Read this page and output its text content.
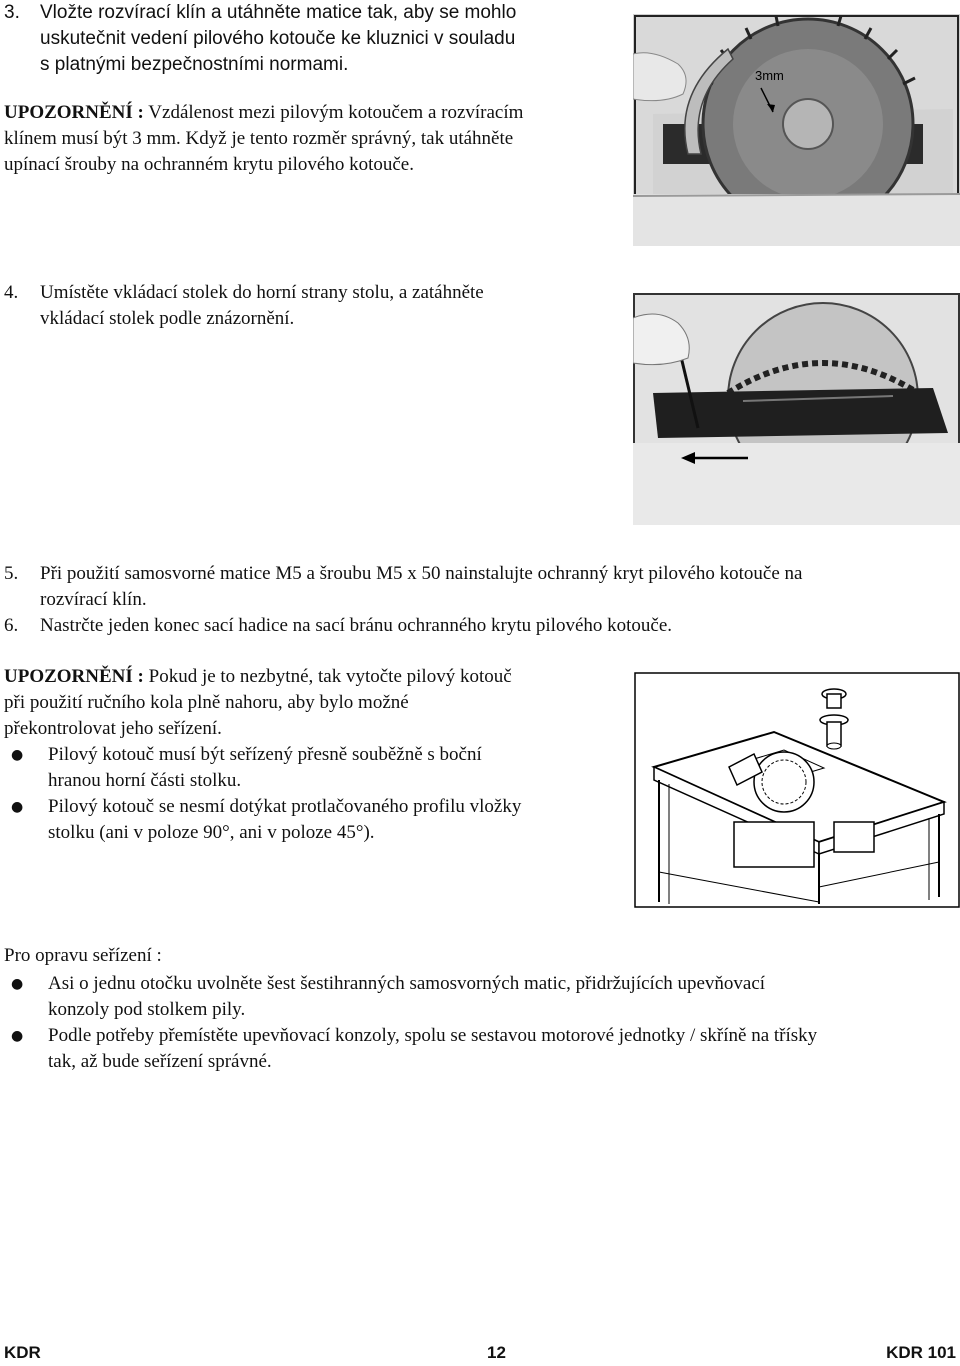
3. Vložte rozvírací klín a utáhněte matice tak, aby se mohlo
uskutečnit vedení pilového kotouče ke kluznici v souladu
s platnými bezpečnostními normami.
UPOZORNĚNÍ : Vzdálenost mezi pilovým kotoučem a rozvíracím
klínem musí být 3 mm. Když je tento rozměr správný, tak utáhněte
upínací šrouby na ochranném krytu pilového kotouče.
3mm
4. Umístěte vkládací stolek do horní strany stolu, a zatáhněte
vkládací stolek podle znázornění.
5. Při použití samosvorné matice M5 a šroubu M5 x 50 nainstalujte ochranný kryt pilového kotouče na
rozvírací klín.
6. Nastrčte jeden konec sací hadice na sací bránu ochranného krytu pilového kotouče.
UPOZORNĚNÍ : Pokud je to nezbytné, tak vytočte pilový kotouč
při použití ručního kola plně nahoru, aby bylo možné
překontrolovat jeho seřízení.
● Pilový kotouč musí být seřízený přesně souběžně s boční
hranou horní části stolku.
● Pilový kotouč se nesmí dotýkat protlačovaného profilu vložky
stolku (ani v poloze 90°, ani v poloze 45°).
Pro opravu seřízení :
● Asi o jednu otočku uvolněte šest šestihranných samosvorných matic, přidržujících upevňovací
konzoly pod stolkem pily.
● Podle potřeby přemístěte upevňovací konzoly, spolu se sestavou motorové jednotky / skříně na třísky
tak, až bude seřízení správné.
KDR	12	KDR 101
